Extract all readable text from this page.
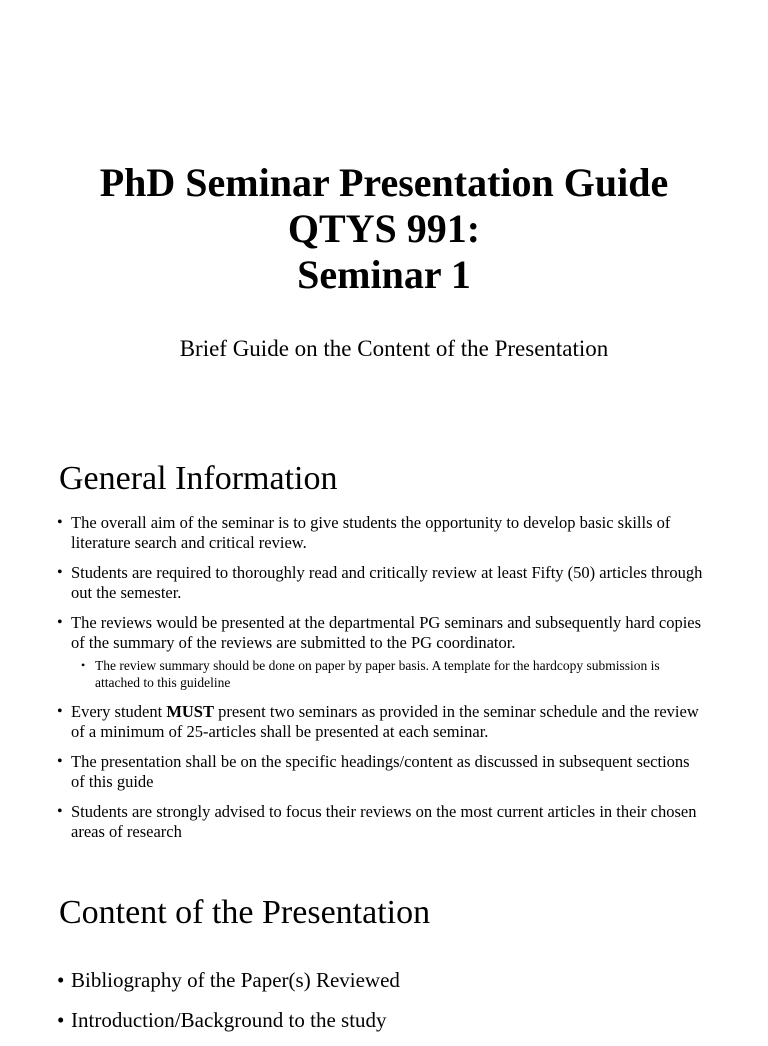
PhD Seminar Presentation Guide
QTYS 991:
Seminar 1
Brief Guide on the Content of the Presentation
General Information
• The overall aim of the seminar is to give students the opportunity to develop basic skills of literature search and critical review.
• Students are required to thoroughly read and critically review at least Fifty (50) articles through out the semester.
• The reviews would be presented at the departmental PG seminars and subsequently hard copies of the summary of the reviews are submitted to the PG coordinator.
• The review summary should be done on paper by paper basis. A template for the hardcopy submission is attached to this guideline
• Every student MUST present two seminars as provided in the seminar schedule and the review of a minimum of 25-articles shall be presented at each seminar.
• The presentation shall be on the specific headings/content as discussed in subsequent sections of this guide
• Students are strongly advised to focus their reviews on the most current articles in their chosen areas of research
Content of the Presentation
• Bibliography of the Paper(s) Reviewed
• Introduction/Background to the study
